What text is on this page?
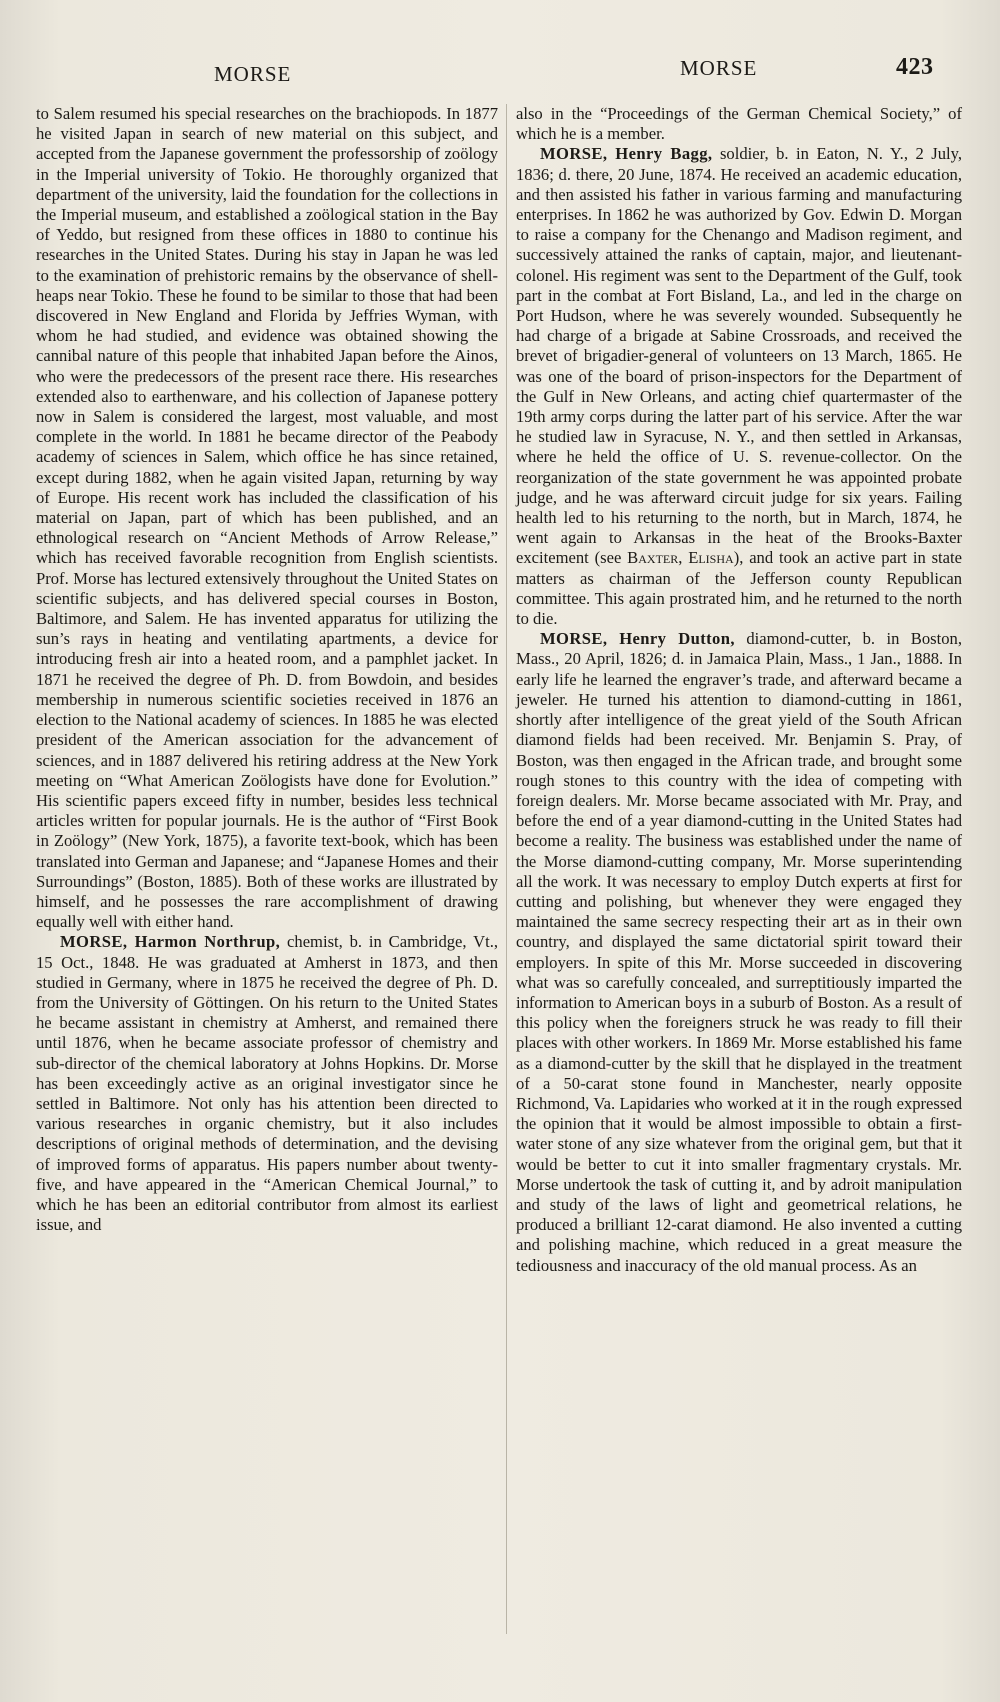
MORSE	MORSE	423

to Salem resumed his special researches on the brachiopods. In 1877 he visited Japan in search of new material on this subject, and accepted from the Japanese government the professorship of zoölogy in the Imperial university of Tokio. He thoroughly organized that department of the university, laid the foundation for the collections in the Imperial museum, and established a zoölogical station in the Bay of Yeddo, but resigned from these offices in 1880 to continue his researches in the United States. During his stay in Japan he was led to the examination of prehistoric remains by the observance of shell-heaps near Tokio. These he found to be similar to those that had been discovered in New England and Florida by Jeffries Wyman, with whom he had studied, and evidence was obtained showing the cannibal nature of this people that inhabited Japan before the Ainos, who were the predecessors of the present race there. His researches extended also to earthenware, and his collection of Japanese pottery now in Salem is considered the largest, most valuable, and most complete in the world. In 1881 he became director of the Peabody academy of sciences in Salem, which office he has since retained, except during 1882, when he again visited Japan, returning by way of Europe. His recent work has included the classification of his material on Japan, part of which has been published, and an ethnological research on “Ancient Methods of Arrow Release,” which has received favorable recognition from English scientists. Prof. Morse has lectured extensively throughout the United States on scientific subjects, and has delivered special courses in Boston, Baltimore, and Salem. He has invented apparatus for utilizing the sun’s rays in heating and ventilating apartments, a device for introducing fresh air into a heated room, and a pamphlet jacket. In 1871 he received the degree of Ph. D. from Bowdoin, and besides membership in numerous scientific societies received in 1876 an election to the National academy of sciences. In 1885 he was elected president of the American association for the advancement of sciences, and in 1887 delivered his retiring address at the New York meeting on “What American Zoölogists have done for Evolution.” His scientific papers exceed fifty in number, besides less technical articles written for popular journals. He is the author of “First Book in Zoölogy” (New York, 1875), a favorite text-book, which has been translated into German and Japanese; and “Japanese Homes and their Surroundings” (Boston, 1885). Both of these works are illustrated by himself, and he possesses the rare accomplishment of drawing equally well with either hand.

MORSE, Harmon Northrup, chemist, b. in Cambridge, Vt., 15 Oct., 1848. He was graduated at Amherst in 1873, and then studied in Germany, where in 1875 he received the degree of Ph. D. from the University of Göttingen. On his return to the United States he became assistant in chemistry at Amherst, and remained there until 1876, when he became associate professor of chemistry and sub-director of the chemical laboratory at Johns Hopkins. Dr. Morse has been exceedingly active as an original investigator since he settled in Baltimore. Not only has his attention been directed to various researches in organic chemistry, but it also includes descriptions of original methods of determination, and the devising of improved forms of apparatus. His papers number about twenty-five, and have appeared in the “American Chemical Journal,” to which he has been an editorial contributor from almost its earliest issue, and

also in the “Proceedings of the German Chemical Society,” of which he is a member.

MORSE, Henry Bagg, soldier, b. in Eaton, N. Y., 2 July, 1836; d. there, 20 June, 1874. He received an academic education, and then assisted his father in various farming and manufacturing enterprises. In 1862 he was authorized by Gov. Edwin D. Morgan to raise a company for the Chenango and Madison regiment, and successively attained the ranks of captain, major, and lieutenant-colonel. His regiment was sent to the Department of the Gulf, took part in the combat at Fort Bisland, La., and led in the charge on Port Hudson, where he was severely wounded. Subsequently he had charge of a brigade at Sabine Crossroads, and received the brevet of brigadier-general of volunteers on 13 March, 1865. He was one of the board of prison-inspectors for the Department of the Gulf in New Orleans, and acting chief quartermaster of the 19th army corps during the latter part of his service. After the war he studied law in Syracuse, N. Y., and then settled in Arkansas, where he held the office of U. S. revenue-collector. On the reorganization of the state government he was appointed probate judge, and he was afterward circuit judge for six years. Failing health led to his returning to the north, but in March, 1874, he went again to Arkansas in the heat of the Brooks-Baxter excitement (see Baxter, Elisha), and took an active part in state matters as chairman of the Jefferson county Republican committee. This again prostrated him, and he returned to the north to die.

MORSE, Henry Dutton, diamond-cutter, b. in Boston, Mass., 20 April, 1826; d. in Jamaica Plain, Mass., 1 Jan., 1888. In early life he learned the engraver’s trade, and afterward became a jeweler. He turned his attention to diamond-cutting in 1861, shortly after intelligence of the great yield of the South African diamond fields had been received. Mr. Benjamin S. Pray, of Boston, was then engaged in the African trade, and brought some rough stones to this country with the idea of competing with foreign dealers. Mr. Morse became associated with Mr. Pray, and before the end of a year diamond-cutting in the United States had become a reality. The business was established under the name of the Morse diamond-cutting company, Mr. Morse superintending all the work. It was necessary to employ Dutch experts at first for cutting and polishing, but whenever they were engaged they maintained the same secrecy respecting their art as in their own country, and displayed the same dictatorial spirit toward their employers. In spite of this Mr. Morse succeeded in discovering what was so carefully concealed, and surreptitiously imparted the information to American boys in a suburb of Boston. As a result of this policy when the foreigners struck he was ready to fill their places with other workers. In 1869 Mr. Morse established his fame as a diamond-cutter by the skill that he displayed in the treatment of a 50-carat stone found in Manchester, nearly opposite Richmond, Va. Lapidaries who worked at it in the rough expressed the opinion that it would be almost impossible to obtain a first-water stone of any size whatever from the original gem, but that it would be better to cut it into smaller fragmentary crystals. Mr. Morse undertook the task of cutting it, and by adroit manipulation and study of the laws of light and geometrical relations, he produced a brilliant 12-carat diamond. He also invented a cutting and polishing machine, which reduced in a great measure the tediousness and inaccuracy of the old manual process. As an
